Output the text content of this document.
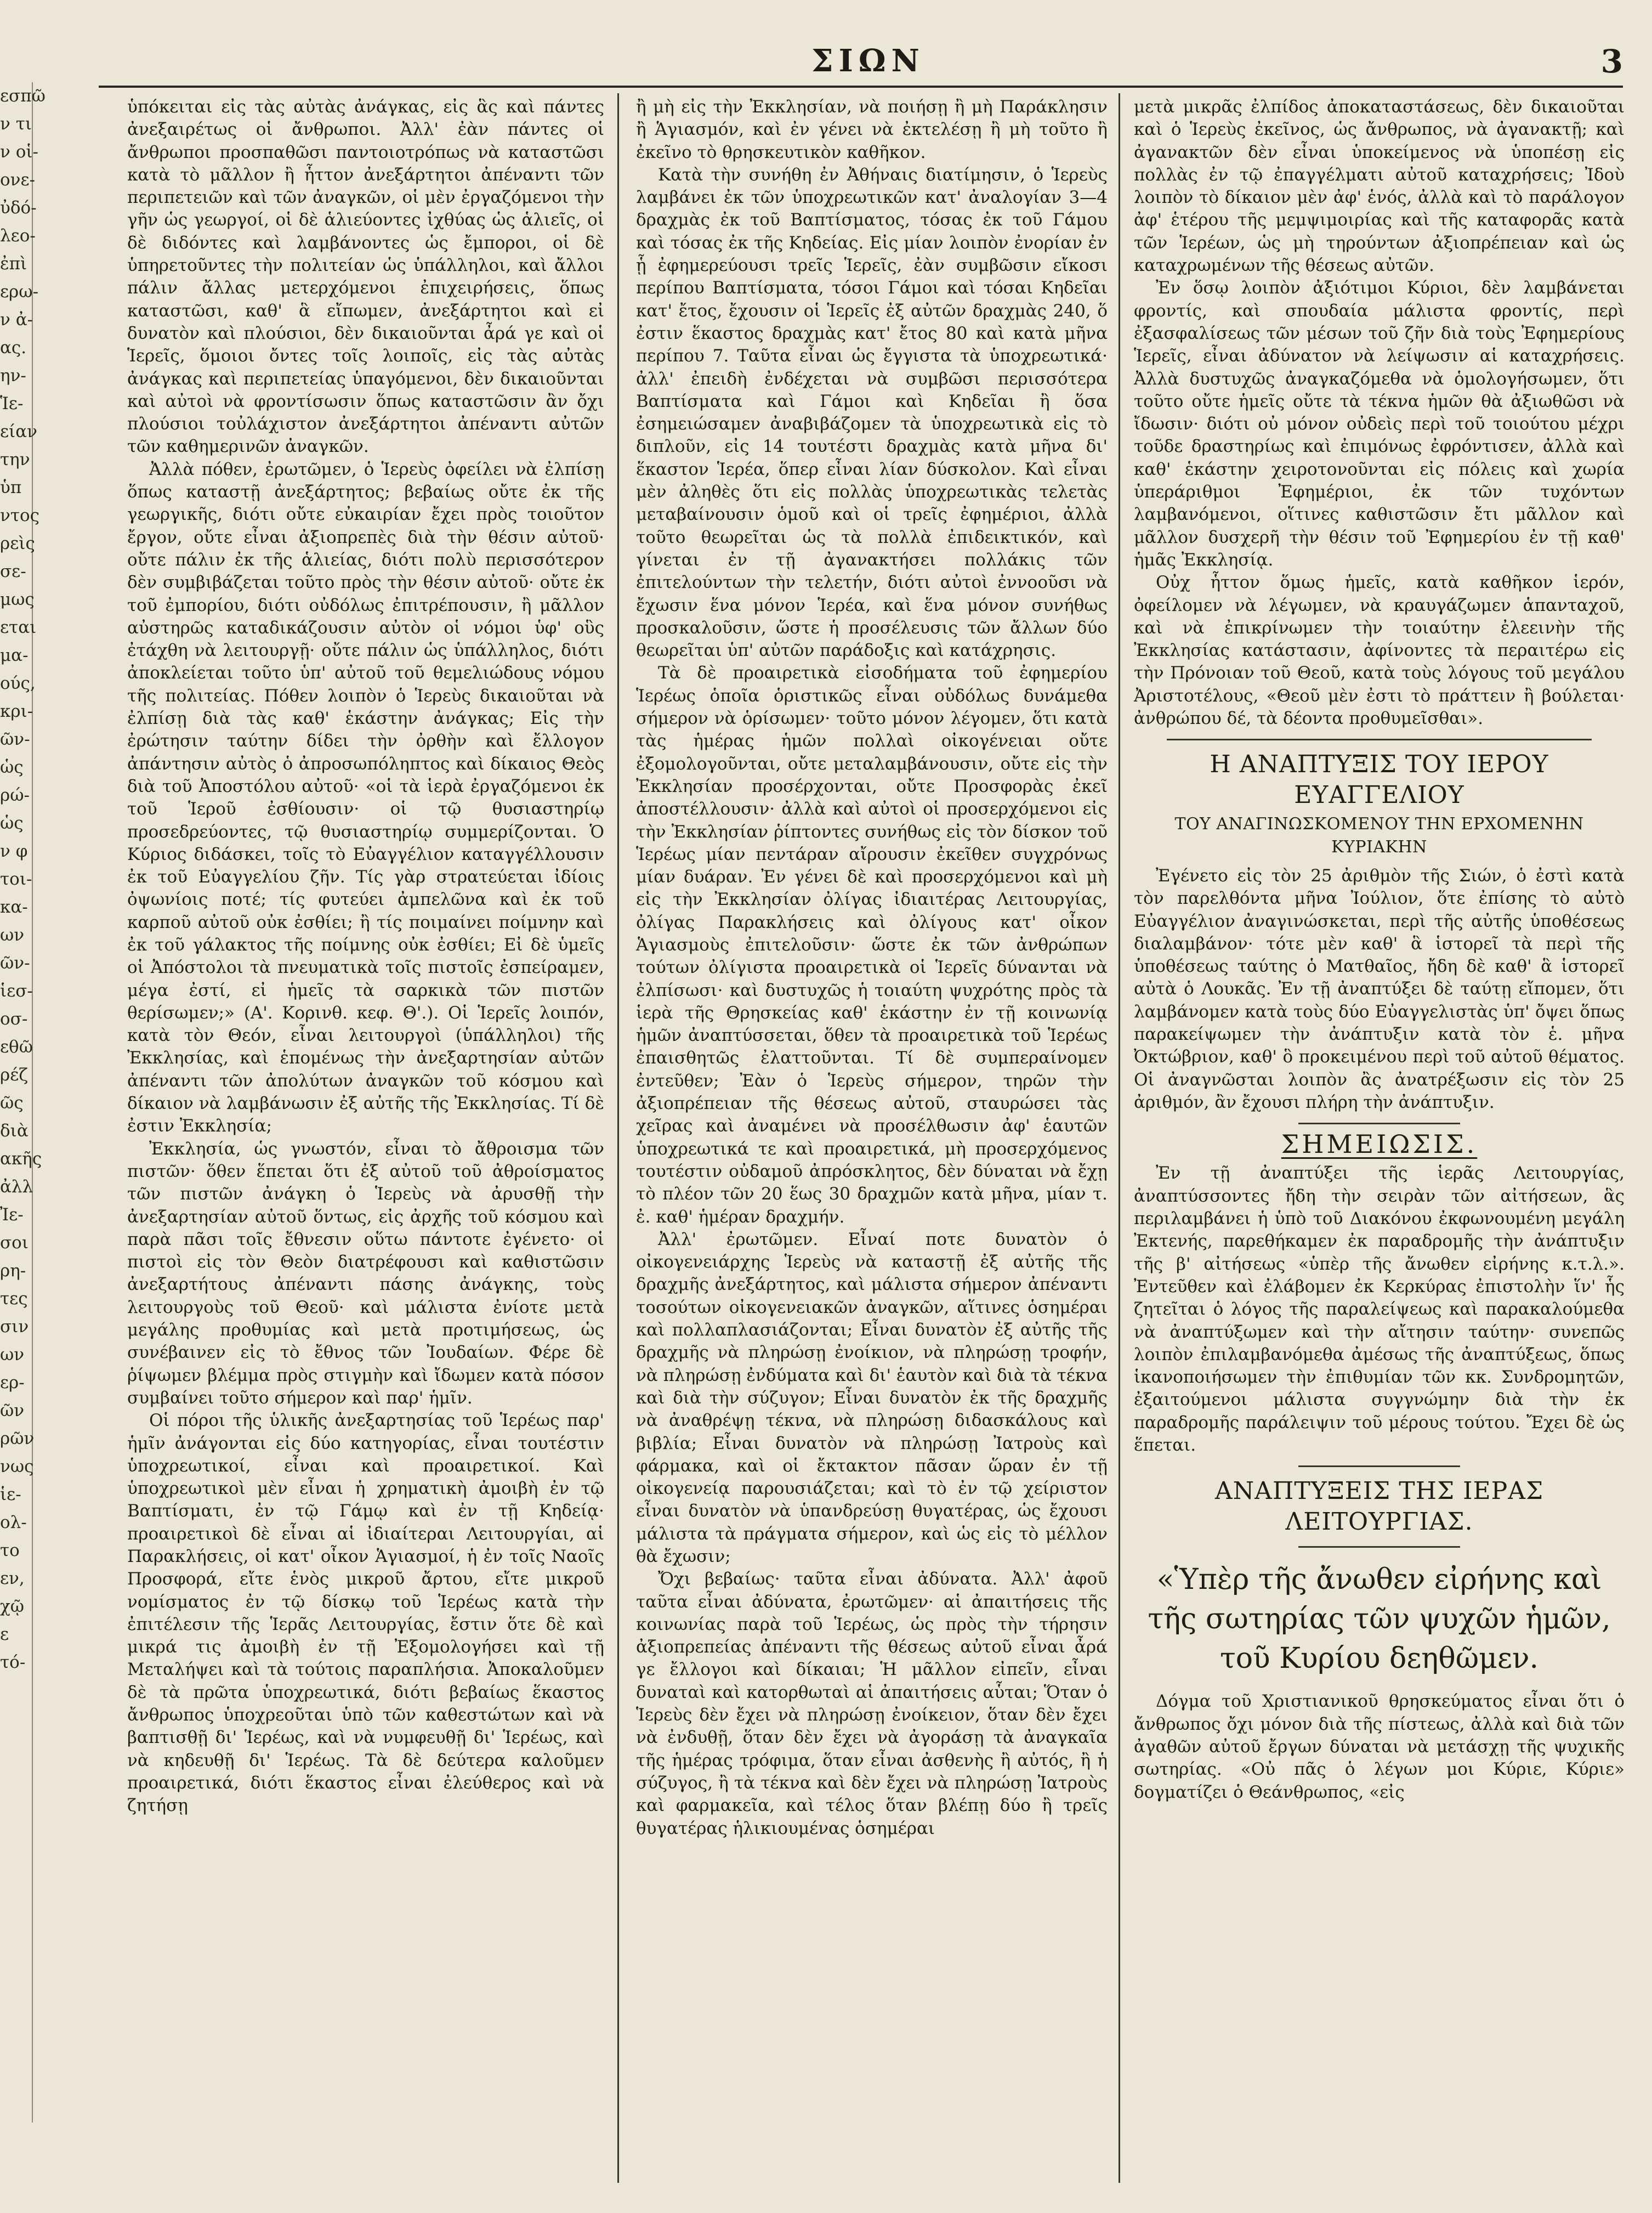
εσπῶ
ν τι
ν οἱ-
ονε-
ὐδό-
λεο-
ἐπὶ
ερω-
ν ἀ-
ας.
ην-
Ἱε-
είαν
την
ὑπ
ντος
ρεὶς
σε-
μως
εται
μα-
ούς,
κρι-
ῶν-
ὡς
ρώ-
ὡς
ν φ
τοι-
κα-
ων
ῶν-
ἱεσ-
οσ-
εθῶ
ρέζ
ῶς
διὰ
ακῆς
ἀλλ
Ἰε-
σοι
ρη-
τες
σιν
ων
ερ-
ῶν
ρῶν
νως
ἱε-
ολ-
το
εν,
χῷ
ε
τό-
ΣΙΩΝ	3

ὑπόκειται εἰς τὰς αὐτὰς ἀνάγκας, εἰς ἃς καὶ πάντες ἀνεξαιρέτως οἱ ἄνθρωποι. Ἀλλ' ἐὰν πάντες οἱ ἄνθρωποι προσπαθῶσι παντοιοτρόπως νὰ καταστῶσι κατὰ τὸ μᾶλλον ἢ ἧττον ἀνεξάρτητοι ἀπέναντι τῶν περιπετειῶν καὶ τῶν ἀναγκῶν, οἱ μὲν ἐργαζόμενοι τὴν γῆν ὡς γεωργοί, οἱ δὲ ἁλιεύοντες ἰχθύας ὡς ἁλιεῖς, οἱ δὲ διδόντες καὶ λαμβάνοντες ὡς ἔμποροι, οἱ δὲ ὑπηρετοῦντες τὴν πολιτείαν ὡς ὑπάλληλοι, καὶ ἄλλοι πάλιν ἄλλας μετερχόμενοι ἐπιχειρήσεις, ὅπως καταστῶσι, καθ' ἃ εἴπωμεν, ἀνεξάρτητοι καὶ εἰ δυνατὸν καὶ πλούσιοι, δὲν δικαιοῦνται ἆρά γε καὶ οἱ Ἱερεῖς, ὅμοιοι ὄντες τοῖς λοιποῖς, εἰς τὰς αὐτὰς ἀνάγκας καὶ περιπετείας ὑπαγόμενοι, δὲν δικαιοῦνται καὶ αὐτοὶ νὰ φροντίσωσιν ὅπως καταστῶσιν ἂν ὄχι πλούσιοι τοὐλάχιστον ἀνεξάρτητοι ἀπέναντι αὐτῶν τῶν καθημερινῶν ἀναγκῶν.

Ἀλλὰ πόθεν, ἐρωτῶμεν, ὁ Ἱερεὺς ὀφείλει νὰ ἐλπίσῃ ὅπως καταστῇ ἀνεξάρτητος; βεβαίως οὔτε ἐκ τῆς γεωργικῆς, διότι οὔτε εὐκαιρίαν ἔχει πρὸς τοιοῦτον ἔργον, οὔτε εἶναι ἀξιοπρεπὲς διὰ τὴν θέσιν αὐτοῦ· οὔτε πάλιν ἐκ τῆς ἁλιείας, διότι πολὺ περισσότερον δὲν συμβιβάζεται τοῦτο πρὸς τὴν θέσιν αὐτοῦ· οὔτε ἐκ τοῦ ἐμπορίου, διότι οὐδόλως ἐπιτρέπουσιν, ἢ μᾶλλον αὐστηρῶς καταδικάζουσιν αὐτὸν οἱ νόμοι ὑφ' οὓς ἐτάχθη νὰ λειτουργῇ· οὔτε πάλιν ὡς ὑπάλληλος, διότι ἀποκλείεται τοῦτο ὑπ' αὐτοῦ τοῦ θεμελιώδους νόμου τῆς πολιτείας. Πόθεν λοιπὸν ὁ Ἱερεὺς δικαιοῦται νὰ ἐλπίσῃ διὰ τὰς καθ' ἑκάστην ἀνάγκας; Εἰς τὴν ἐρώτησιν ταύτην δίδει τὴν ὀρθὴν καὶ ἔλλογον ἀπάντησιν αὐτὸς ὁ ἀπροσωπόληπτος καὶ δίκαιος Θεὸς διὰ τοῦ Ἀποστόλου αὐτοῦ· «οἱ τὰ ἱερὰ ἐργαζόμενοι ἐκ τοῦ Ἱεροῦ ἐσθίουσιν· οἱ τῷ θυσιαστηρίῳ προσεδρεύοντες, τῷ θυσιαστηρίῳ συμμερίζονται. Ὁ Κύριος διδάσκει, τοῖς τὸ Εὐαγγέλιον καταγγέλλουσιν ἐκ τοῦ Εὐαγγελίου ζῆν. Τίς γὰρ στρατεύεται ἰδίοις ὀψωνίοις ποτέ; τίς φυτεύει ἀμπελῶνα καὶ ἐκ τοῦ καρποῦ αὐτοῦ οὐκ ἐσθίει; ἢ τίς ποιμαίνει ποίμνην καὶ ἐκ τοῦ γάλακτος τῆς ποίμνης οὐκ ἐσθίει; Εἰ δὲ ὑμεῖς οἱ Ἀπόστολοι τὰ πνευματικὰ τοῖς πιστοῖς ἐσπείραμεν, μέγα ἐστί, εἰ ἡμεῖς τὰ σαρκικὰ τῶν πιστῶν θερίσωμεν;» (Α'. Κορινθ. κεφ. Θ'.). Οἱ Ἱερεῖς λοιπόν, κατὰ τὸν Θεόν, εἶναι λειτουργοὶ (ὑπάλληλοι) τῆς Ἐκκλησίας, καὶ ἑπομένως τὴν ἀνεξαρτησίαν αὐτῶν ἀπέναντι τῶν ἀπολύτων ἀναγκῶν τοῦ κόσμου καὶ δίκαιον νὰ λαμβάνωσιν ἐξ αὐτῆς τῆς Ἐκκλησίας. Τί δὲ ἐστιν Ἐκκλησία;

Ἐκκλησία, ὡς γνωστόν, εἶναι τὸ ἄθροισμα τῶν πιστῶν· ὅθεν ἕπεται ὅτι ἐξ αὐτοῦ τοῦ ἀθροίσματος τῶν πιστῶν ἀνάγκη ὁ Ἱερεὺς νὰ ἀρυσθῇ τὴν ἀνεξαρτησίαν αὐτοῦ ὅντως, εἰς ἀρχῆς τοῦ κόσμου καὶ παρὰ πᾶσι τοῖς ἔθνεσιν οὕτω πάντοτε ἐγένετο· οἱ πιστοὶ εἰς τὸν Θεὸν διατρέφουσι καὶ καθιστῶσιν ἀνεξαρτήτους ἀπέναντι πάσης ἀνάγκης, τοὺς λειτουργοὺς τοῦ Θεοῦ· καὶ μάλιστα ἐνίοτε μετὰ μεγάλης προθυμίας καὶ μετὰ προτιμήσεως, ὡς συνέβαινεν εἰς τὸ ἔθνος τῶν Ἰουδαίων. Φέρε δὲ ῥίψωμεν βλέμμα πρὸς στιγμὴν καὶ ἴδωμεν κατὰ πόσον συμβαίνει τοῦτο σήμερον καὶ παρ' ἡμῖν.

Οἱ πόροι τῆς ὑλικῆς ἀνεξαρτησίας τοῦ Ἱερέως παρ' ἡμῖν ἀνάγονται εἰς δύο κατηγορίας, εἶναι τουτέστιν ὑποχρεωτικοί, εἶναι καὶ προαιρετικοί. Καὶ ὑποχρεωτικοὶ μὲν εἶναι ἡ χρηματικὴ ἀμοιβὴ ἐν τῷ Βαπτίσματι, ἐν τῷ Γάμῳ καὶ ἐν τῇ Κηδείᾳ· προαιρετικοὶ δὲ εἶναι αἱ ἰδιαίτεραι Λειτουργίαι, αἱ Παρακλήσεις, οἱ κατ' οἶκον Ἁγιασμοί, ἡ ἐν τοῖς Ναοῖς Προσφορά, εἴτε ἑνὸς μικροῦ ἄρτου, εἴτε μικροῦ νομίσματος ἐν τῷ δίσκῳ τοῦ Ἱερέως κατὰ τὴν ἐπιτέλεσιν τῆς Ἱερᾶς Λειτουργίας, ἔστιν ὅτε δὲ καὶ μικρά τις ἀμοιβὴ ἐν τῇ Ἐξομολογήσει καὶ τῇ Μεταλήψει καὶ τὰ τούτοις παραπλήσια. Ἀποκαλοῦμεν δὲ τὰ πρῶτα ὑποχρεωτικά, διότι βεβαίως ἕκαστος ἄνθρωπος ὑποχρεοῦται ὑπὸ τῶν καθεστώτων καὶ νὰ βαπτισθῇ δι' Ἱερέως, καὶ νὰ νυμφευθῇ δι' Ἱερέως, καὶ νὰ κηδευθῇ δι' Ἱερέως. Τὰ δὲ δεύτερα καλοῦμεν προαιρετικά, διότι ἕκαστος εἶναι ἐλεύθερος καὶ νὰ ζητήσῃ

ἢ μὴ εἰς τὴν Ἐκκλησίαν, νὰ ποιήσῃ ἢ μὴ Παράκλησιν ἢ Ἁγιασμόν, καὶ ἐν γένει νὰ ἐκτελέσῃ ἢ μὴ τοῦτο ἢ ἐκεῖνο τὸ θρησκευτικὸν καθῆκον.

Κατὰ τὴν συνήθη ἐν Ἀθήναις διατίμησιν, ὁ Ἱερεὺς λαμβάνει ἐκ τῶν ὑποχρεωτικῶν κατ' ἀναλογίαν 3—4 δραχμὰς ἐκ τοῦ Βαπτίσματος, τόσας ἐκ τοῦ Γάμου καὶ τόσας ἐκ τῆς Κηδείας. Εἰς μίαν λοιπὸν ἐνορίαν ἐν ᾗ ἐφημερεύουσι τρεῖς Ἱερεῖς, ἐὰν συμβῶσιν εἴκοσι περίπου Βαπτίσματα, τόσοι Γάμοι καὶ τόσαι Κηδεῖαι κατ' ἔτος, ἔχουσιν οἱ Ἱερεῖς ἐξ αὐτῶν δραχμὰς 240, ὅ ἐστιν ἕκαστος δραχμὰς κατ' ἔτος 80 καὶ κατὰ μῆνα περίπου 7. Ταῦτα εἶναι ὡς ἔγγιστα τὰ ὑποχρεωτικά· ἀλλ' ἐπειδὴ ἐνδέχεται νὰ συμβῶσι περισσότερα Βαπτίσματα καὶ Γάμοι καὶ Κηδεῖαι ἢ ὅσα ἐσημειώσαμεν ἀναβιβάζομεν τὰ ὑποχρεωτικὰ εἰς τὸ διπλοῦν, εἰς 14 τουτέστι δραχμὰς κατὰ μῆνα δι' ἕκαστον Ἱερέα, ὅπερ εἶναι λίαν δύσκολον. Καὶ εἶναι μὲν ἀληθὲς ὅτι εἰς πολλὰς ὑποχρεωτικὰς τελετὰς μεταβαίνουσιν ὁμοῦ καὶ οἱ τρεῖς ἐφημέριοι, ἀλλὰ τοῦτο θεωρεῖται ὡς τὰ πολλὰ ἐπιδεικτικόν, καὶ γίνεται ἐν τῇ ἀγανακτήσει πολλάκις τῶν ἐπιτελούντων τὴν τελετήν, διότι αὐτοὶ ἐννοοῦσι νὰ ἔχωσιν ἕνα μόνον Ἱερέα, καὶ ἕνα μόνον συνήθως προσκαλοῦσιν, ὥστε ἡ προσέλευσις τῶν ἄλλων δύο θεωρεῖται ὑπ' αὐτῶν παράδοξις καὶ κατάχρησις.

Τὰ δὲ προαιρετικὰ εἰσοδήματα τοῦ ἐφημερίου Ἱερέως ὁποῖα ὁριστικῶς εἶναι οὐδόλως δυνάμεθα σήμερον νὰ ὁρίσωμεν· τοῦτο μόνον λέγομεν, ὅτι κατὰ τὰς ἡμέρας ἡμῶν πολλαὶ οἰκογένειαι οὔτε ἐξομολογοῦνται, οὔτε μεταλαμβάνουσιν, οὔτε εἰς τὴν Ἐκκλησίαν προσέρχονται, οὔτε Προσφορὰς ἐκεῖ ἀποστέλλουσιν· ἀλλὰ καὶ αὐτοὶ οἱ προσερχόμενοι εἰς τὴν Ἐκκλησίαν ῥίπτοντες συνήθως εἰς τὸν δίσκον τοῦ Ἱερέως μίαν πεντάραν αἴρουσιν ἐκεῖθεν συγχρόνως μίαν δυάραν. Ἐν γένει δὲ καὶ προσερχόμενοι καὶ μὴ εἰς τὴν Ἐκκλησίαν ὀλίγας ἰδιαιτέρας Λειτουργίας, ὀλίγας Παρακλήσεις καὶ ὀλίγους κατ' οἶκον Ἁγιασμοὺς ἐπιτελοῦσιν· ὥστε ἐκ τῶν ἀνθρώπων τούτων ὀλίγιστα προαιρετικὰ οἱ Ἱερεῖς δύνανται νὰ ἐλπίσωσι· καὶ δυστυχῶς ἡ τοιαύτη ψυχρότης πρὸς τὰ ἱερὰ τῆς Θρησκείας καθ' ἑκάστην ἐν τῇ κοινωνίᾳ ἡμῶν ἀναπτύσσεται, ὅθεν τὰ προαιρετικὰ τοῦ Ἱερέως ἐπαισθητῶς ἐλαττοῦνται. Τί δὲ συμπεραίνομεν ἐντεῦθεν; Ἐὰν ὁ Ἱερεὺς σήμερον, τηρῶν τὴν ἀξιοπρέπειαν τῆς θέσεως αὐτοῦ, σταυρώσει τὰς χεῖρας καὶ ἀναμένει νὰ προσέλθωσιν ἀφ' ἑαυτῶν ὑποχρεωτικά τε καὶ προαιρετικά, μὴ προσερχόμενος τουτέστιν οὐδαμοῦ ἀπρόσκλητος, δὲν δύναται νὰ ἔχῃ τὸ πλέον τῶν 20 ἕως 30 δραχμῶν κατὰ μῆνα, μίαν τ. ἐ. καθ' ἡμέραν δραχμήν.

Ἀλλ' ἐρωτῶμεν. Εἶναί ποτε δυνατὸν ὁ οἰκογενειάρχης Ἱερεὺς νὰ καταστῇ ἐξ αὐτῆς τῆς δραχμῆς ἀνεξάρτητος, καὶ μάλιστα σήμερον ἀπέναντι τοσούτων οἰκογενειακῶν ἀναγκῶν, αἵτινες ὁσημέραι καὶ πολλαπλασιάζονται; Εἶναι δυνατὸν ἐξ αὐτῆς τῆς δραχμῆς νὰ πληρώσῃ ἐνοίκιον, νὰ πληρώσῃ τροφήν, νὰ πληρώσῃ ἐνδύματα καὶ δι' ἑαυτὸν καὶ διὰ τὰ τέκνα καὶ διὰ τὴν σύζυγον; Εἶναι δυνατὸν ἐκ τῆς δραχμῆς νὰ ἀναθρέψῃ τέκνα, νὰ πληρώσῃ διδασκάλους καὶ βιβλία; Εἶναι δυνατὸν νὰ πληρώσῃ Ἰατροὺς καὶ φάρμακα, καὶ οἱ ἔκτακτον πᾶσαν ὥραν ἐν τῇ οἰκογενείᾳ παρουσιάζεται; καὶ τὸ ἐν τῷ χείριστον εἶναι δυνατὸν νὰ ὑπανδρεύσῃ θυγατέρας, ὡς ἔχουσι μάλιστα τὰ πράγματα σήμερον, καὶ ὡς εἰς τὸ μέλλον θὰ ἔχωσιν;

Ὄχι βεβαίως· ταῦτα εἶναι ἀδύνατα. Ἀλλ' ἀφοῦ ταῦτα εἶναι ἀδύνατα, ἐρωτῶμεν· αἱ ἀπαιτήσεις τῆς κοινωνίας παρὰ τοῦ Ἱερέως, ὡς πρὸς τὴν τήρησιν ἀξιοπρεπείας ἀπέναντι τῆς θέσεως αὐτοῦ εἶναι ἆρά γε ἔλλογοι καὶ δίκαιαι; Ἡ μᾶλλον εἰπεῖν, εἶναι δυναταὶ καὶ κατορθωταὶ αἱ ἀπαιτήσεις αὗται; Ὅταν ὁ Ἱερεὺς δὲν ἔχει νὰ πληρώσῃ ἐνοίκειον, ὅταν δὲν ἔχει νὰ ἐνδυθῇ, ὅταν δὲν ἔχει νὰ ἀγοράσῃ τὰ ἀναγκαῖα τῆς ἡμέρας τρόφιμα, ὅταν εἶναι ἀσθενὴς ἢ αὐτός, ἢ ἡ σύζυγος, ἢ τὰ τέκνα καὶ δὲν ἔχει νὰ πληρώσῃ Ἰατροὺς καὶ φαρμακεῖα, καὶ τέλος ὅταν βλέπῃ δύο ἢ τρεῖς θυγατέρας ἡλικιουμένας ὁσημέραι

μετὰ μικρᾶς ἐλπίδος ἀποκαταστάσεως, δὲν δικαιοῦται καὶ ὁ Ἱερεὺς ἐκεῖνος, ὡς ἄνθρωπος, νὰ ἀγανακτῇ; καὶ ἀγανακτῶν δὲν εἶναι ὑποκείμενος νὰ ὑποπέσῃ εἰς πολλὰς ἐν τῷ ἐπαγγέλματι αὐτοῦ καταχρήσεις; Ἰδοὺ λοιπὸν τὸ δίκαιον μὲν ἀφ' ἑνός, ἀλλὰ καὶ τὸ παράλογον ἀφ' ἑτέρου τῆς μεμψιμοιρίας καὶ τῆς καταφορᾶς κατὰ τῶν Ἱερέων, ὡς μὴ τηρούντων ἀξιοπρέπειαν καὶ ὡς καταχρωμένων τῆς θέσεως αὐτῶν.

Ἐν ὅσῳ λοιπὸν ἀξιότιμοι Κύριοι, δὲν λαμβάνεται φροντίς, καὶ σπουδαία μάλιστα φροντίς, περὶ ἐξασφαλίσεως τῶν μέσων τοῦ ζῆν διὰ τοὺς Ἐφημερίους Ἱερεῖς, εἶναι ἀδύνατον νὰ λείψωσιν αἱ καταχρήσεις. Ἀλλὰ δυστυχῶς ἀναγκαζόμεθα νὰ ὁμολογήσωμεν, ὅτι τοῦτο οὔτε ἡμεῖς οὔτε τὰ τέκνα ἡμῶν θὰ ἀξιωθῶσι νὰ ἴδωσιν· διότι οὐ μόνον οὐδεὶς περὶ τοῦ τοιούτου μέχρι τοῦδε δραστηρίως καὶ ἐπιμόνως ἐφρόντισεν, ἀλλὰ καὶ καθ' ἑκάστην χειροτονοῦνται εἰς πόλεις καὶ χωρία ὑπεράριθμοι Ἐφημέριοι, ἐκ τῶν τυχόντων λαμβανόμενοι, οἵτινες καθιστῶσιν ἔτι μᾶλλον καὶ μᾶλλον δυσχερῆ τὴν θέσιν τοῦ Ἐφημερίου ἐν τῇ καθ' ἡμᾶς Ἐκκλησίᾳ.

Οὐχ ἧττον ὅμως ἡμεῖς, κατὰ καθῆκον ἱερόν, ὀφείλομεν νὰ λέγωμεν, νὰ κραυγάζωμεν ἁπανταχοῦ, καὶ νὰ ἐπικρίνωμεν τὴν τοιαύτην ἐλεεινὴν τῆς Ἐκκλησίας κατάστασιν, ἀφίνοντες τὰ περαιτέρω εἰς τὴν Πρόνοιαν τοῦ Θεοῦ, κατὰ τοὺς λόγους τοῦ μεγάλου Ἀριστοτέλους, «Θεοῦ μὲν ἐστι τὸ πράττειν ἢ βούλεται· ἀνθρώπου δέ, τὰ δέοντα προθυμεῖσθαι».

Η ΑΝΑΠΤΥΞΙΣ ΤΟΥ ΙΕΡΟΥ ΕΥΑΓΓΕΛΙΟΥ

ΤΟΥ ΑΝΑΓΙΝΩΣΚΟΜΕΝΟΥ ΤΗΝ ΕΡΧΟΜΕΝΗΝ ΚΥΡΙΑΚΗΝ

Ἐγένετο εἰς τὸν 25 ἀριθμὸν τῆς Σιών, ὁ ἐστὶ κατὰ τὸν παρελθόντα μῆνα Ἰούλιον, ὅτε ἐπίσης τὸ αὐτὸ Εὐαγγέλιον ἀναγινώσκεται, περὶ τῆς αὐτῆς ὑποθέσεως διαλαμβάνον· τότε μὲν καθ' ἃ ἱστορεῖ τὰ περὶ τῆς ὑποθέσεως ταύτης ὁ Ματθαῖος, ἤδη δὲ καθ' ἃ ἱστορεῖ αὐτὰ ὁ Λουκᾶς. Ἐν τῇ ἀναπτύξει δὲ ταύτῃ εἴπομεν, ὅτι λαμβάνομεν κατὰ τοὺς δύο Εὐαγγελιστὰς ὑπ' ὄψει ὅπως παρακείψωμεν τὴν ἀνάπτυξιν κατὰ τὸν ἑ. μῆνα Ὀκτώβριον, καθ' ὃ προκειμένου περὶ τοῦ αὐτοῦ θέματος. Οἱ ἀναγνῶσται λοιπὸν ἂς ἀνατρέξωσιν εἰς τὸν 25 ἀριθμόν, ἂν ἔχουσι πλήρη τὴν ἀνάπτυξιν.

ΣΗΜΕΙΩΣΙΣ.

Ἐν τῇ ἀναπτύξει τῆς ἱερᾶς Λειτουργίας, ἀναπτύσσοντες ἤδη τὴν σειρὰν τῶν αἰτήσεων, ἃς περιλαμβάνει ἡ ὑπὸ τοῦ Διακόνου ἐκφωνουμένη μεγάλη Ἐκτενής, παρεθήκαμεν ἐκ παραδρομῆς τὴν ἀνάπτυξιν τῆς β' αἰτήσεως «ὑπὲρ τῆς ἄνωθεν εἰρήνης κ.τ.λ.». Ἐντεῦθεν καὶ ἐλάβομεν ἐκ Κερκύρας ἐπιστολὴν ἵν' ἧς ζητεῖται ὁ λόγος τῆς παραλείψεως καὶ παρακαλούμεθα νὰ ἀναπτύξωμεν καὶ τὴν αἴτησιν ταύτην· συνεπῶς λοιπὸν ἐπιλαμβανόμεθα ἀμέσως τῆς ἀναπτύξεως, ὅπως ἱκανοποιήσωμεν τὴν ἐπιθυμίαν τῶν κκ. Συνδρομητῶν, ἐξαιτούμενοι μάλιστα συγγνώμην διὰ τὴν ἐκ παραδρομῆς παράλειψιν τοῦ μέρους τούτου. Ἔχει δὲ ὡς ἕπεται.

ΑΝΑΠΤΥΞΕΙΣ ΤΗΣ ΙΕΡΑΣ ΛΕΙΤΟΥΡΓΙΑΣ.

«Ὑπὲρ τῆς ἄνωθεν εἰρήνης καὶ τῆς σωτηρίας τῶν ψυχῶν ἡμῶν, τοῦ Κυρίου δεηθῶμεν.

Δόγμα τοῦ Χριστιανικοῦ θρησκεύματος εἶναι ὅτι ὁ ἄνθρωπος ὄχι μόνον διὰ τῆς πίστεως, ἀλλὰ καὶ διὰ τῶν ἀγαθῶν αὐτοῦ ἔργων δύναται νὰ μετάσχῃ τῆς ψυχικῆς σωτηρίας. «Οὐ πᾶς ὁ λέγων μοι Κύριε, Κύριε» δογματίζει ὁ Θεάνθρωπος, «εἰς
